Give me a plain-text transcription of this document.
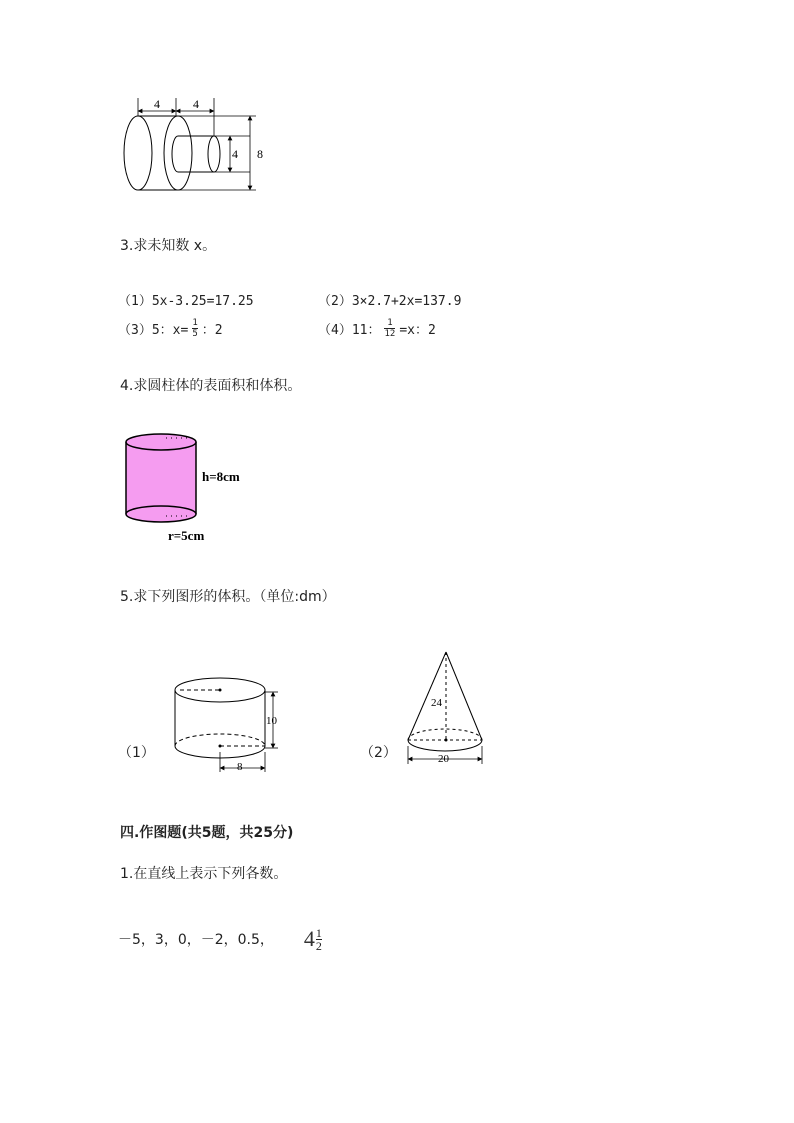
4	4
4 8
3.求未知数 x。
（1）5x-3.25=17.25	（2）3×2.7+2x=137.9
（3）5：$x= \frac{1}{5}$ ：2	（4）11： $\frac{1}{12} =x$：2
4.求圆柱体的表面积和体积。
h=8cm
r=5cm
5.求下列图形的体积。（单位:dm）
（1）
10
8
（2）
24
20
四.作图题(共5题，共25分)
1.在直线上表示下列各数。
－5，3，0，－2，0.5， $4 \frac{1}{2}$
